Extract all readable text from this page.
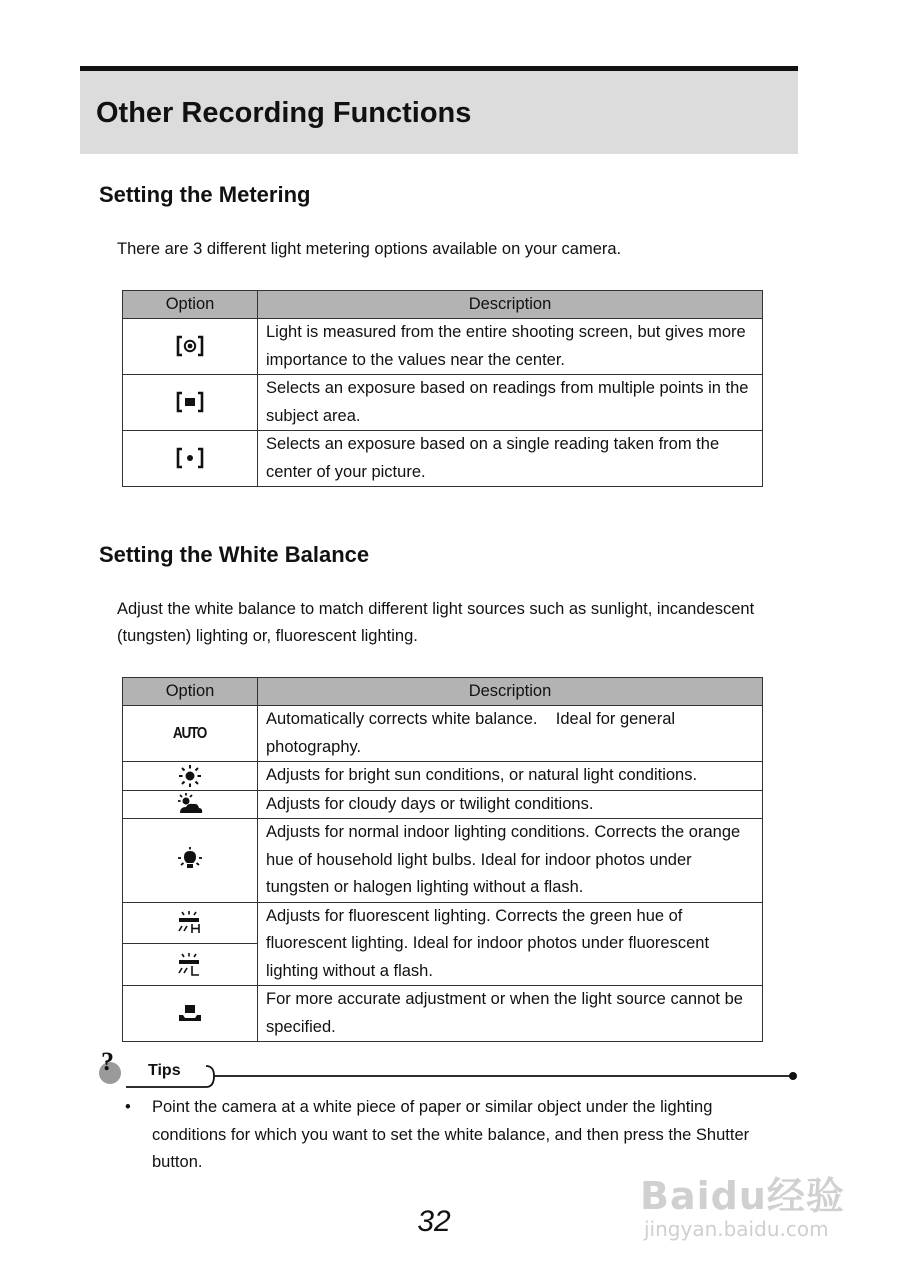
Other Recording Functions
Setting the Metering

There are 3 different light metering options available on your camera.

Option	Description
	Light is measured from the entire shooting screen, but gives more importance to the values near the center.
	Selects an exposure based on readings from multiple points in the subject area.
	Selects an exposure based on a single reading taken from the center of your picture.
Setting the White Balance

Adjust the white balance to match different light sources such as sunlight, incandescent (tungsten) lighting or, fluorescent lighting.

Option	Description
AUTO	Automatically corrects white balance.    Ideal for general photography.
	Adjusts for bright sun conditions, or natural light conditions.
	Adjusts for cloudy days or twilight conditions.
	Adjusts for normal indoor lighting conditions. Corrects the orange hue of household light bulbs. Ideal for indoor photos under tungsten or halogen lighting without a flash.
	Adjusts for fluorescent lighting. Corrects the green hue of fluorescent lighting. Ideal for indoor photos under fluorescent lighting without a flash.

	For more accurate adjustment or when the light source cannot be specified.
? Tips
• Point the camera at a white piece of paper or similar object under the lighting conditions for which you want to set the white balance, and then press the Shutter button.
32
Baidu经验
jingyan.baidu.com
